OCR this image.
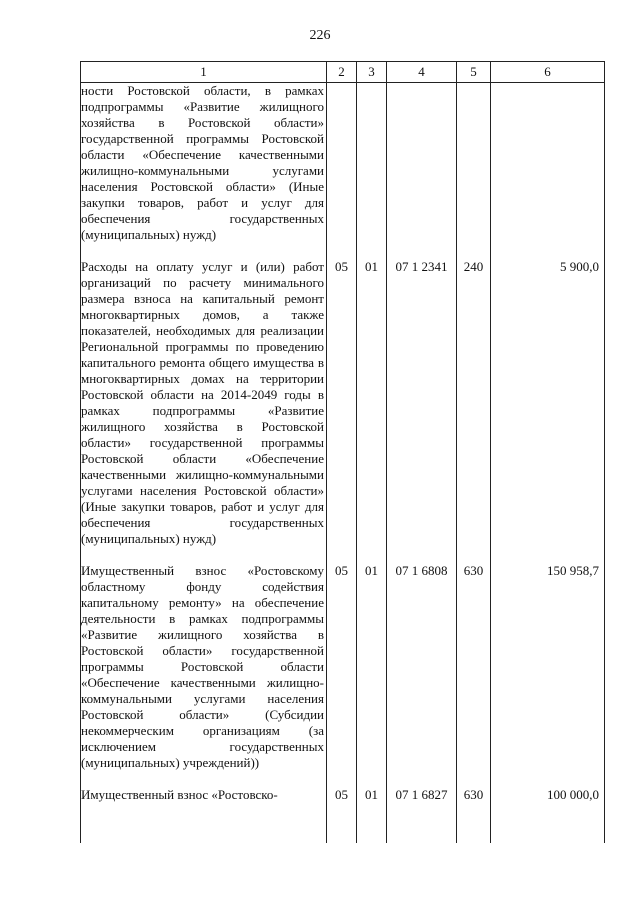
226
1	2	3	4	5	6
ности Ростовской области, в рамках подпрограммы «Развитие жилищного хозяйства в Ростовской области» государственной программы Ростовской области «Обеспечение качественными жилищно-коммунальными услугами населения Ростовской области» (Иные закупки товаров, работ и услуг для обеспечения государственных (муниципальных) нужд)					
Расходы на оплату услуг и (или) работ организаций по расчету минимального размера взноса на капитальный ремонт многоквартирных домов, а также показателей, необходимых для реализации Региональной программы по проведению капитального ремонта общего имущества в многоквартирных домах на территории Ростовской области на 2014-2049 годы в рамках подпрограммы «Развитие жилищного хозяйства в Ростовской области» государственной программы Ростовской области «Обеспечение качественными жилищно-коммунальными услугами населения Ростовской области» (Иные закупки товаров, работ и услуг для обеспечения государственных (муниципальных) нужд)	05	01	07 1 2341	240	5 900,0
Имущественный взнос «Ростовскому областному фонду содействия капитальному ремонту» на обеспечение деятельности в рамках подпрограммы «Развитие жилищного хозяйства в Ростовской области» государственной программы Ростовской области «Обеспечение качественными жилищно-коммунальными услугами населения Ростовской области» (Субсидии некоммерческим организациям (за исключением государственных (муниципальных) учреждений))	05	01	07 1 6808	630	150 958,7
Имущественный взнос «Ростовско-	05	01	07 1 6827	630	100 000,0
